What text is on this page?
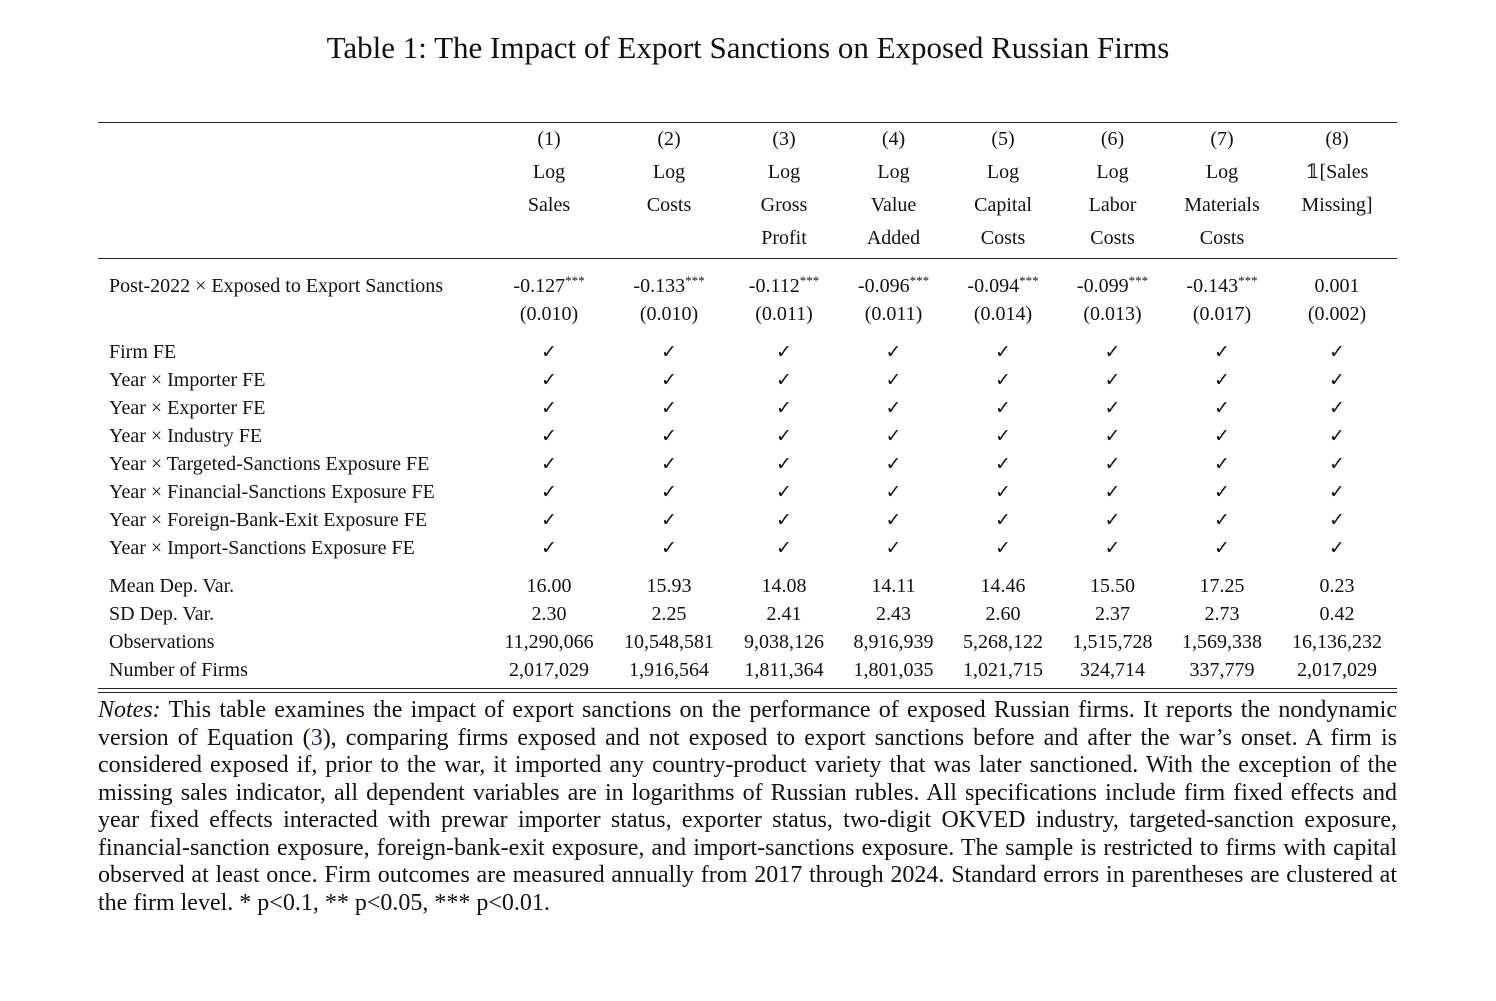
Table 1: The Impact of Export Sanctions on Exposed Russian Firms
	(1)	(2)	(3)	(4)	(5)	(6)	(7)	(8)
	Log	Log	Log	Log	Log	Log	Log	𝟙[Sales
	Sales	Costs	Gross	Value	Capital	Labor	Materials	Missing]
			Profit	Added	Costs	Costs	Costs	

Post-2022 × Exposed to Export Sanctions	-0.127***	-0.133***	-0.112***	-0.096***	-0.094***	-0.099***	-0.143***	0.001
	(0.010)	(0.010)	(0.011)	(0.011)	(0.014)	(0.013)	(0.017)	(0.002)

Firm FE	✓	✓	✓	✓	✓	✓	✓	✓
Year × Importer FE	✓	✓	✓	✓	✓	✓	✓	✓
Year × Exporter FE	✓	✓	✓	✓	✓	✓	✓	✓
Year × Industry FE	✓	✓	✓	✓	✓	✓	✓	✓
Year × Targeted-Sanctions Exposure FE	✓	✓	✓	✓	✓	✓	✓	✓
Year × Financial-Sanctions Exposure FE	✓	✓	✓	✓	✓	✓	✓	✓
Year × Foreign-Bank-Exit Exposure FE	✓	✓	✓	✓	✓	✓	✓	✓
Year × Import-Sanctions Exposure FE	✓	✓	✓	✓	✓	✓	✓	✓

Mean Dep. Var.	16.00	15.93	14.08	14.11	14.46	15.50	17.25	0.23
SD Dep. Var.	2.30	2.25	2.41	2.43	2.60	2.37	2.73	0.42
Observations	11,290,066	10,548,581	9,038,126	8,916,939	5,268,122	1,515,728	1,569,338	16,136,232
Number of Firms	2,017,029	1,916,564	1,811,364	1,801,035	1,021,715	324,714	337,779	2,017,029
Notes: This table examines the impact of export sanctions on the performance of exposed Russian firms. It reports the nondynamic version of Equation (3), comparing firms exposed and not exposed to export sanctions before and after the war’s onset. A firm is considered exposed if, prior to the war, it imported any country-product variety that was later sanctioned. With the exception of the missing sales indicator, all dependent variables are in logarithms of Russian rubles. All specifications include firm fixed effects and year fixed effects interacted with prewar importer status, exporter status, two-digit OKVED industry, targeted-sanction exposure, financial-sanction exposure, foreign-bank-exit exposure, and import-sanctions exposure. The sample is restricted to firms with capital observed at least once. Firm outcomes are measured annually from 2017 through 2024. Standard errors in parentheses are clustered at the firm level. * p<0.1, ** p<0.05, *** p<0.01.
